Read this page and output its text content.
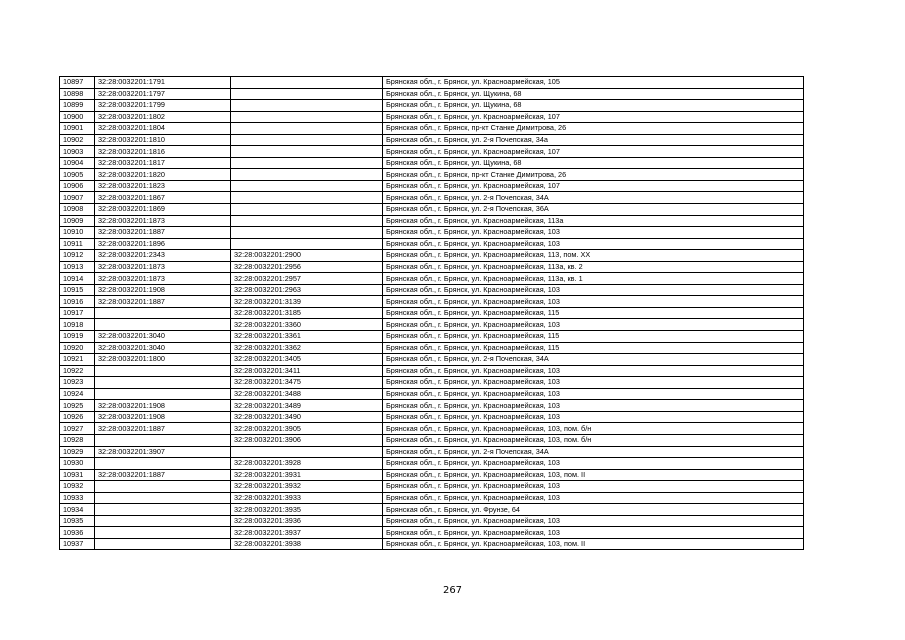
10897	32:28:0032201:1791		Брянская обл., г. Брянск, ул. Красноармейская, 105
10898	32:28:0032201:1797		Брянская обл., г. Брянск, ул. Щукина, 68
10899	32:28:0032201:1799		Брянская обл., г. Брянск, ул. Щукина, 68
10900	32:28:0032201:1802		Брянская обл., г. Брянск, ул. Красноармейская, 107
10901	32:28:0032201:1804		Брянская обл., г. Брянск, пр-кт Станке Димитрова, 26
10902	32:28:0032201:1810		Брянская обл., г. Брянск, ул. 2-я Почепская, 34а
10903	32:28:0032201:1816		Брянская обл., г. Брянск, ул. Красноармейская, 107
10904	32:28:0032201:1817		Брянская обл., г. Брянск, ул. Щукина, 68
10905	32:28:0032201:1820		Брянская обл., г. Брянск, пр-кт Станке Димитрова, 26
10906	32:28:0032201:1823		Брянская обл., г. Брянск, ул. Красноармейская, 107
10907	32:28:0032201:1867		Брянская обл., г. Брянск, ул. 2-я Почепская, 34А
10908	32:28:0032201:1869		Брянская обл., г. Брянск, ул. 2-я Почепская, 36А
10909	32:28:0032201:1873		Брянская обл., г. Брянск, ул. Красноармейская, 113а
10910	32:28:0032201:1887		Брянская обл., г. Брянск, ул. Красноармейская, 103
10911	32:28:0032201:1896		Брянская обл., г. Брянск, ул. Красноармейская, 103
10912	32:28:0032201:2343	32:28:0032201:2900	Брянская обл., г. Брянск, ул. Красноармейская, 113, пом. XX
10913	32:28:0032201:1873	32:28:0032201:2956	Брянская обл., г. Брянск, ул. Красноармейская, 113а, кв. 2
10914	32:28:0032201:1873	32:28:0032201:2957	Брянская обл., г. Брянск, ул. Красноармейская, 113а, кв. 1
10915	32:28:0032201:1908	32:28:0032201:2963	Брянская обл., г. Брянск, ул. Красноармейская, 103
10916	32:28:0032201:1887	32:28:0032201:3139	Брянская обл., г. Брянск, ул. Красноармейская, 103
10917		32:28:0032201:3185	Брянская обл., г. Брянск, ул. Красноармейская, 115
10918		32:28:0032201:3360	Брянская обл., г. Брянск, ул. Красноармейская, 103
10919	32:28:0032201:3040	32:28:0032201:3361	Брянская обл., г. Брянск, ул. Красноармейская, 115
10920	32:28:0032201:3040	32:28:0032201:3362	Брянская обл., г. Брянск, ул. Красноармейская, 115
10921	32:28:0032201:1800	32:28:0032201:3405	Брянская обл., г. Брянск, ул. 2-я Почепская, 34А
10922		32:28:0032201:3411	Брянская обл., г. Брянск, ул. Красноармейская, 103
10923		32:28:0032201:3475	Брянская обл., г. Брянск, ул. Красноармейская, 103
10924		32:28:0032201:3488	Брянская обл., г. Брянск, ул. Красноармейская, 103
10925	32:28:0032201:1908	32:28:0032201:3489	Брянская обл., г. Брянск, ул. Красноармейская, 103
10926	32:28:0032201:1908	32:28:0032201:3490	Брянская обл., г. Брянск, ул. Красноармейская, 103
10927	32:28:0032201:1887	32:28:0032201:3905	Брянская обл., г. Брянск, ул. Красноармейская, 103, пом. б/н
10928		32:28:0032201:3906	Брянская обл., г. Брянск, ул. Красноармейская, 103, пом. б/н
10929	32:28:0032201:3907		Брянская обл., г. Брянск, ул. 2-я Почепская, 34А
10930		32:28:0032201:3928	Брянская обл., г. Брянск, ул. Красноармейская, 103
10931	32:28:0032201:1887	32:28:0032201:3931	Брянская обл., г. Брянск, ул. Красноармейская, 103, пом. II
10932		32:28:0032201:3932	Брянская обл., г. Брянск, ул. Красноармейская, 103
10933		32:28:0032201:3933	Брянская обл., г. Брянск, ул. Красноармейская, 103
10934		32:28:0032201:3935	Брянская обл., г. Брянск, ул. Фрунзе, 64
10935		32:28:0032201:3936	Брянская обл., г. Брянск, ул. Красноармейская, 103
10936		32:28:0032201:3937	Брянская обл., г. Брянск, ул. Красноармейская, 103
10937		32:28:0032201:3938	Брянская обл., г. Брянск, ул. Красноармейская, 103, пом. II
267
